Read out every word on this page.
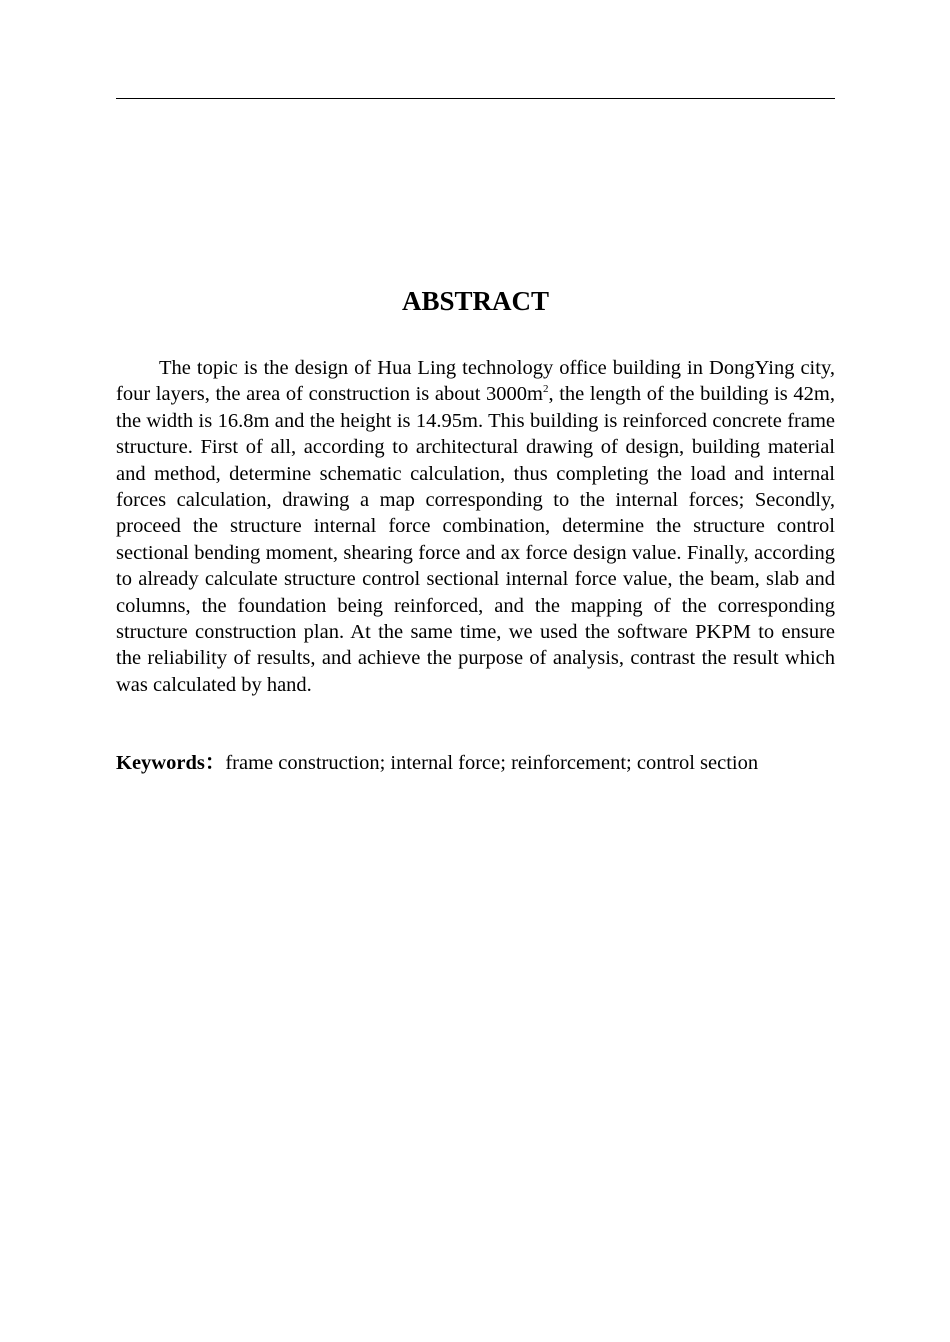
ABSTRACT

The topic is the design of Hua Ling technology office building in DongYing city, four layers, the area of construction is about $3000m^2$, the length of the building is 42m, the width is 16.8m and the height is 14.95m. This building is reinforced concrete frame structure. First of all, according to architectural drawing of design, building material and method, determine schematic calculation, thus completing the load and internal forces calculation, drawing a map corresponding to the internal forces; Secondly, proceed the structure internal force combination, determine the structure control sectional bending moment, shearing force and ax force design value. Finally, according to already calculate structure control sectional internal force value, the beam, slab and columns, the foundation being reinforced, and the mapping of the corresponding structure construction plan. At the same time, we used the software PKPM to ensure the reliability of results, and achieve the purpose of analysis, contrast the result which was calculated by hand.

Keywords：frame construction; internal force; reinforcement; control section
